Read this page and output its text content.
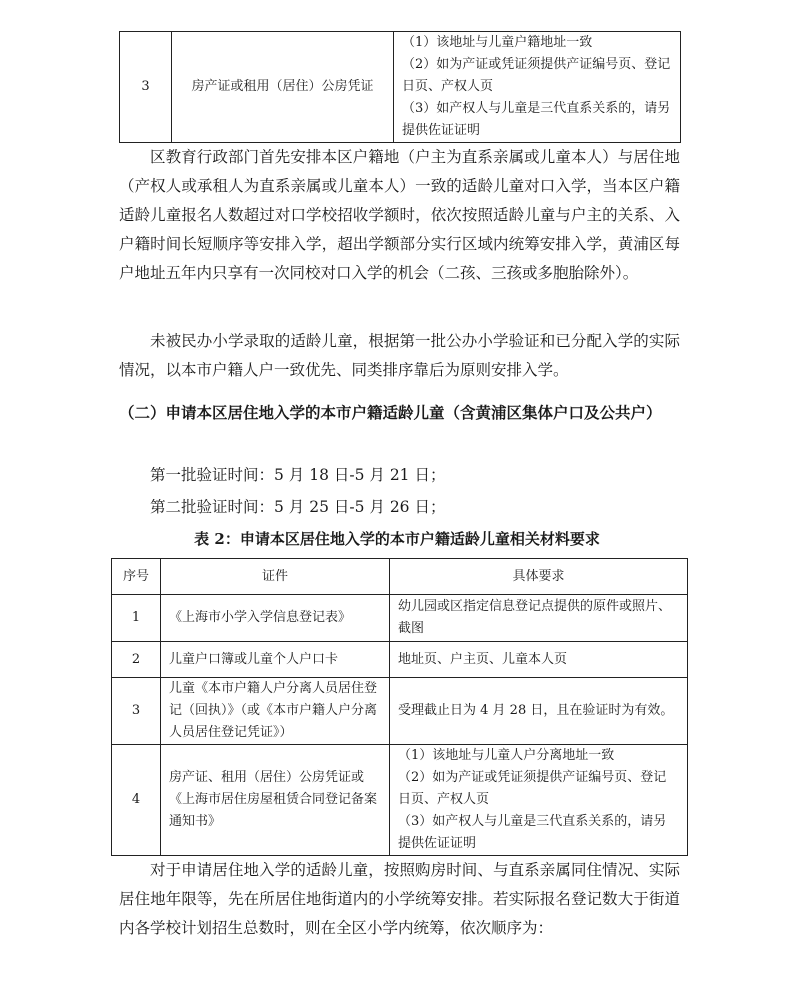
3	房产证或租用（居住）公房凭证	
（1）该地址与儿童户籍地址一致
（2）如为产证或凭证须提供产证编号页、登记日页、产权人页
（3）如产权人与儿童是三代直系关系的，请另提供佐证证明

区教育行政部门首先安排本区户籍地（户主为直系亲属或儿童本人）与居住地（产权人或承租人为直系亲属或儿童本人）一致的适龄儿童对口入学，当本区户籍适龄儿童报名人数超过对口学校招收学额时，依次按照适龄儿童与户主的关系、入户籍时间长短顺序等安排入学，超出学额部分实行区域内统筹安排入学，黄浦区每户地址五年内只享有一次同校对口入学的机会（二孩、三孩或多胞胎除外）。

未被民办小学录取的适龄儿童，根据第一批公办小学验证和已分配入学的实际情况，以本市户籍人户一致优先、同类排序靠后为原则安排入学。

（二）申请本区居住地入学的本市户籍适龄儿童（含黄浦区集体户口及公共户）

第一批验证时间：5 月 18 日-5 月 21 日；

第二批验证时间：5 月 25 日-5 月 26 日；

表 2：申请本区居住地入学的本市户籍适龄儿童相关材料要求

序号	证件	具体要求
1	《上海市小学入学信息登记表》	幼儿园或区指定信息登记点提供的原件或照片、截图

2	儿童户口簿或儿童个人户口卡	地址页、户主页、儿童本人页

3	儿童《本市户籍人户分离人员居住登记（回执）》（或《本市户籍人户分离人员居住登记凭证》）	受理截止日为 4 月 28 日，且在验证时为有效。

4	房产证、租用（居住）公房凭证或《上海市居住房屋租赁合同登记备案通知书》	（1）该地址与儿童人户分离地址一致
（2）如为产证或凭证须提供产证编号页、登记日页、产权人页
（3）如产权人与儿童是三代直系关系的，请另提供佐证证明

对于申请居住地入学的适龄儿童，按照购房时间、与直系亲属同住情况、实际居住地年限等，先在所居住地街道内的小学统筹安排。若实际报名登记数大于街道内各学校计划招生总数时，则在全区小学内统筹，依次顺序为：
